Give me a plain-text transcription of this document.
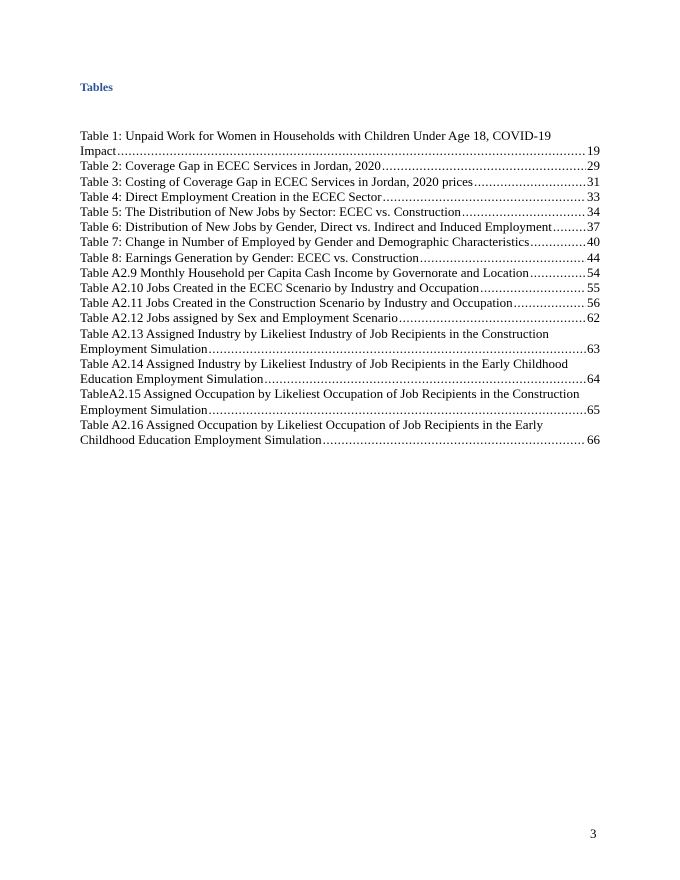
Tables
Table 1: Unpaid Work for Women in Households with Children Under Age 18, COVID-19
Impact .....	19
Table 2: Coverage Gap in ECEC Services in Jordan, 2020 .....	29
Table 3: Costing of Coverage Gap in ECEC Services in Jordan, 2020 prices .....	31
Table 4: Direct Employment Creation in the ECEC Sector .....	33
Table 5: The Distribution of New Jobs by Sector: ECEC vs. Construction .....	34
Table 6: Distribution of New Jobs by Gender, Direct vs. Indirect and Induced Employment .....	37
Table 7: Change in Number of Employed by Gender and Demographic Characteristics .....	40
Table 8: Earnings Generation by Gender: ECEC vs. Construction .....	44
Table A2.9 Monthly Household per Capita Cash Income by Governorate and Location .....	54
Table A2.10 Jobs Created in the ECEC Scenario by Industry and Occupation .....	55
Table A2.11 Jobs Created in the Construction Scenario by Industry and Occupation .....	56
Table A2.12 Jobs assigned by Sex and Employment Scenario .....	62
Table A2.13 Assigned Industry by Likeliest Industry of Job Recipients in the Construction
Employment Simulation .....	63
Table A2.14 Assigned Industry by Likeliest Industry of Job Recipients in the Early Childhood
Education Employment Simulation .....	64
TableA2.15 Assigned Occupation by Likeliest Occupation of Job Recipients in the Construction
Employment Simulation .....	65
Table A2.16 Assigned Occupation by Likeliest Occupation of Job Recipients in the Early
Childhood Education Employment Simulation .....	66
3
